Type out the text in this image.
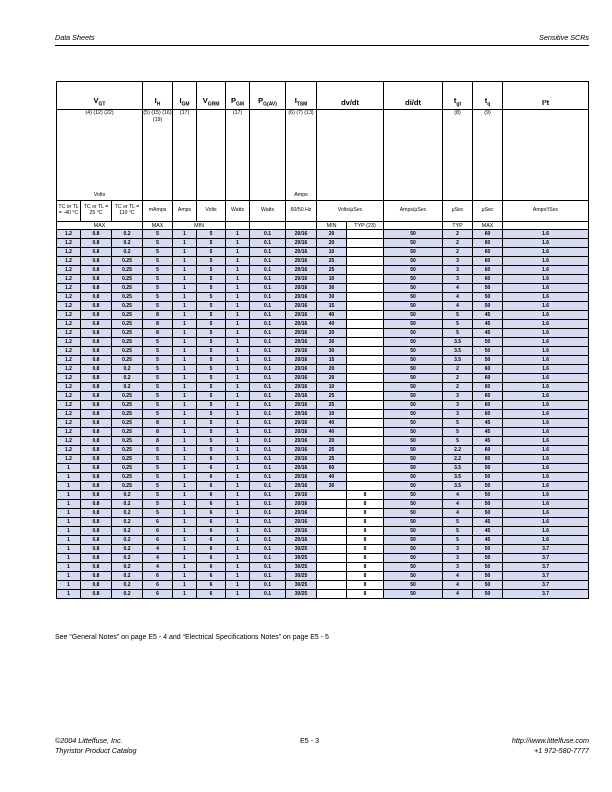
Data Sheets	Sensitive SCRs
$V_{GT}$			$I_H$	$I_{GM}$	$V_{GRM}$	$P_{GM}$	$P_{G(AV)}$	$I_{TSM}$	dv/dt		di/dt	$t_{gt}$	$t_q$	I²t
(4) (12) (22)
Volts			(5) (15) (16) (19)	(17)		(17)		(6) (7) (13)
Amps				(8)	(9)	
TC or TL = -40 °C	TC or TL = 25 °C	TC or TL = 110 °C	mAmps	Amps	Volts	Watts	Watts	60/50 Hz	Volts/μSec		Amps/μSec	μSec	μSec	Amps²/Sec
MAX			MAX	MIN					MIN	TYP (23)		TYP	MAX	
1.2	0.8	0.2	5	1	5	1	0.1	20/16	20		50	2	60	1.6
1.2	0.8	0.2	5	1	5	1	0.1	20/16	20		50	2	60	1.6
1.2	0.8	0.2	5	1	5	1	0.1	20/16	10		50	2	60	1.6
1.2	0.8	0.25	5	1	5	1	0.1	20/16	25		50	3	60	1.6
1.2	0.8	0.25	5	1	5	1	0.1	20/16	25		50	3	60	1.6
1.2	0.8	0.25	5	1	5	1	0.1	20/16	10		50	3	60	1.6
1.2	0.8	0.25	5	1	5	1	0.1	20/16	30		50	4	50	1.6
1.2	0.8	0.25	5	1	5	1	0.1	20/16	30		50	4	50	1.6
1.2	0.8	0.25	5	1	5	1	0.1	20/16	15		50	4	50	1.6
1.2	0.8	0.25	8	1	5	1	0.1	20/16	40		50	5	45	1.6
1.2	0.8	0.25	8	1	5	1	0.1	20/16	40		50	5	45	1.6
1.2	0.8	0.25	8	1	5	1	0.1	20/16	20		50	5	45	1.6
1.2	0.8	0.25	5	1	5	1	0.1	20/16	30		50	3.5	50	1.6
1.2	0.8	0.25	5	1	5	1	0.1	20/16	30		50	3.5	50	1.6
1.2	0.8	0.25	5	1	5	1	0.1	20/16	15		50	3.5	50	1.6
1.2	0.8	0.2	5	1	5	1	0.1	20/16	20		50	2	60	1.6
1.2	0.8	0.2	5	1	5	1	0.1	20/16	20		50	2	60	1.6
1.2	0.8	0.2	5	1	5	1	0.1	20/16	10		50	2	60	1.6
1.2	0.8	0.25	5	1	5	1	0.1	20/16	25		50	3	60	1.6
1.2	0.8	0.25	5	1	5	1	0.1	20/16	25		50	3	60	1.6
1.2	0.8	0.25	5	1	5	1	0.1	20/16	10		50	3	60	1.6
1.2	0.8	0.25	8	1	5	1	0.1	20/16	40		50	5	45	1.6
1.2	0.8	0.25	8	1	5	1	0.1	20/16	40		50	5	45	1.6
1.2	0.8	0.25	8	1	5	1	0.1	20/16	20		50	5	45	1.6
1.2	0.8	0.25	5	1	5	1	0.1	20/16	25		50	2.2	60	1.6
1.2	0.8	0.25	5	1	6	1	0.1	20/16	25		50	2.2	60	1.6
1	0.8	0.25	5	1	6	1	0.1	20/16	60		50	3.5	50	1.6
1	0.8	0.25	5	1	6	1	0.1	20/16	40		50	3.5	50	1.6
1	0.8	0.25	5	1	6	1	0.1	20/16	30		50	3.5	50	1.6
1	0.8	0.2	5	1	6	1	0.1	20/16		8	50	4	50	1.6
1	0.8	0.2	5	1	6	1	0.1	20/16		8	50	4	50	1.6
1	0.8	0.2	5	1	6	1	0.1	20/16		8	50	4	50	1.6
1	0.8	0.2	6	1	6	1	0.1	20/16		8	50	5	45	1.6
1	0.8	0.2	6	1	6	1	0.1	20/16		8	50	5	45	1.6
1	0.8	0.2	6	1	6	1	0.1	20/16		8	50	5	45	1.6
1	0.8	0.2	4	1	6	1	0.1	30/25		8	50	3	50	3.7
1	0.8	0.2	4	1	6	1	0.1	30/25		8	50	3	50	3.7
1	0.8	0.2	4	1	6	1	0.1	30/25		8	50	3	50	3.7
1	0.8	0.2	6	1	6	1	0.1	30/25		8	50	4	50	3.7
1	0.8	0.2	6	1	6	1	0.1	30/25		8	50	4	50	3.7
1	0.8	0.2	6	1	6	1	0.1	30/25		8	50	4	50	3.7
See “General Notes” on page E5 - 4 and “Electrical Specifications Notes” on page E5 - 5
©2004 Littelfuse, Inc.
Thyristor Product Catalog
E5 - 3	http://www.littelfuse.com
+1 972-580-7777
